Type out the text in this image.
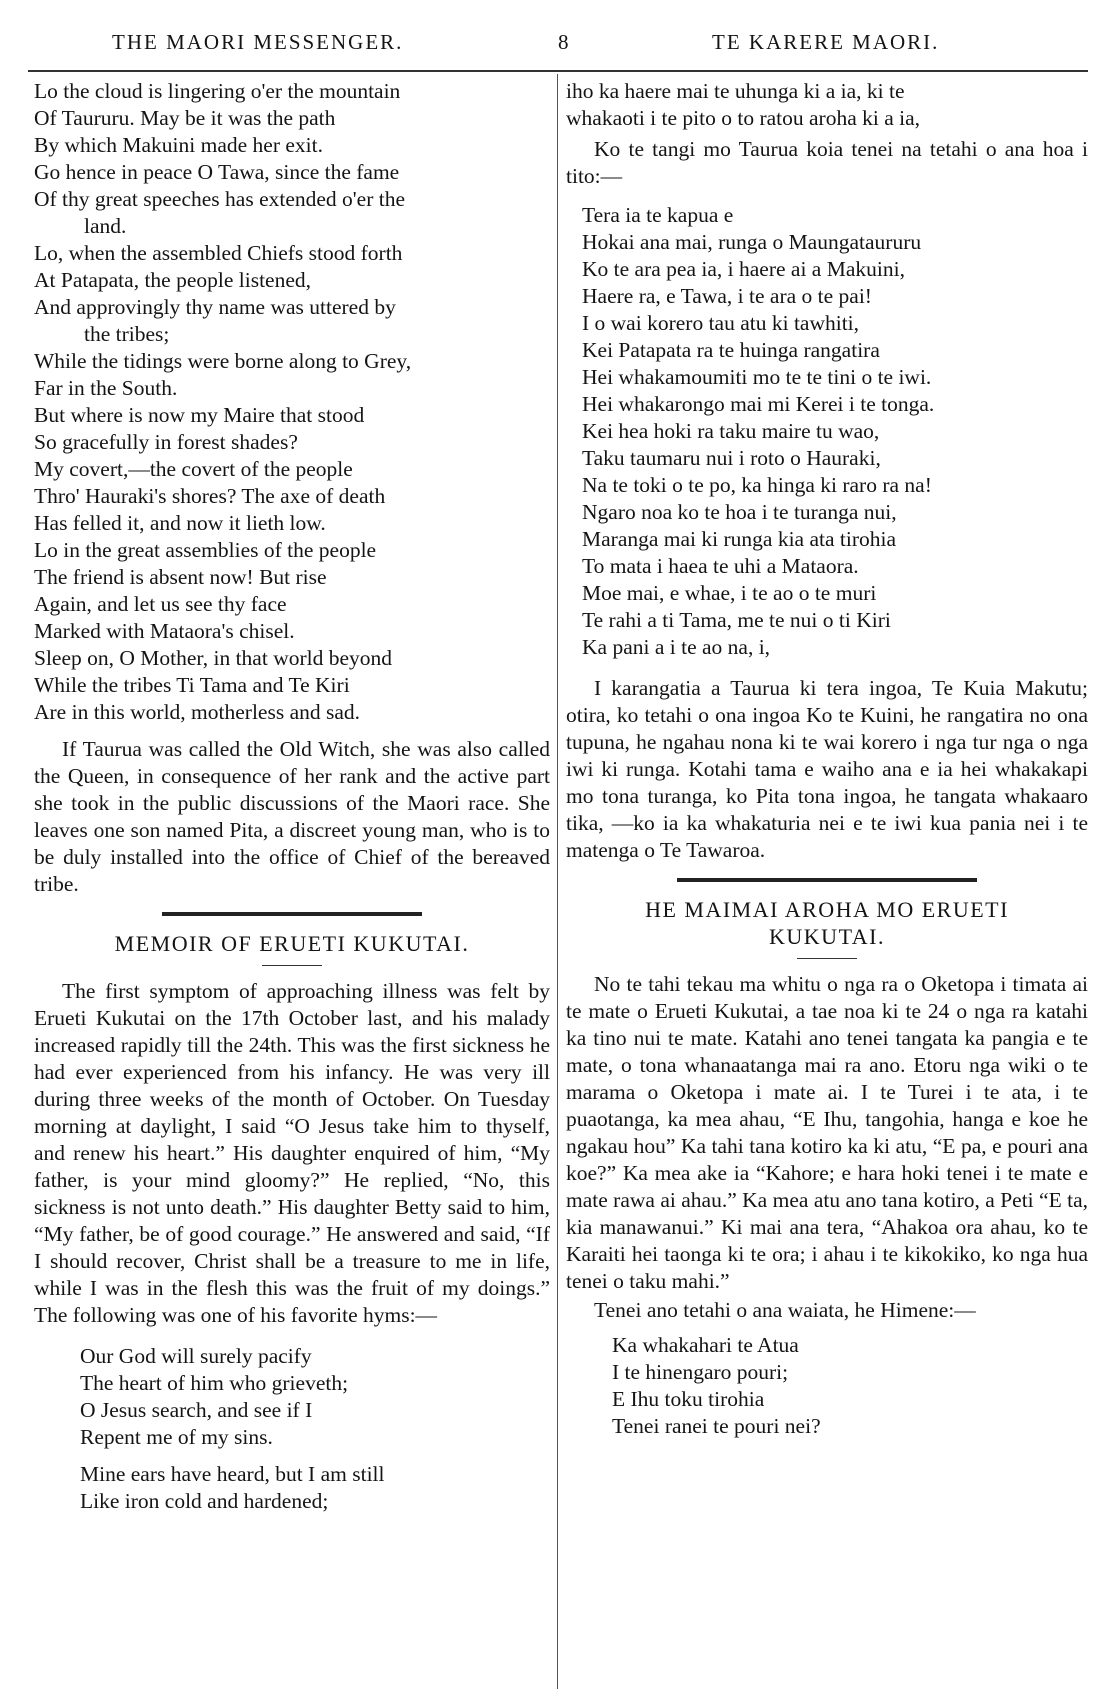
THE MAORI MESSENGER.	8	TE KARERE MAORI.
Lo the cloud is lingering o'er the mountain
Of Taururu. May be it was the path
By which Makuini made her exit.
Go hence in peace O Tawa, since the fame
Of thy great speeches has extended o'er the
land.
Lo, when the assembled Chiefs stood forth
At Patapata, the people listened,
And approvingly thy name was uttered by
the tribes;
While the tidings were borne along to Grey,
Far in the South.
But where is now my Maire that stood
So gracefully in forest shades?
My covert,—the covert of the people
Thro' Hauraki's shores? The axe of death
Has felled it, and now it lieth low.
Lo in the great assemblies of the people
The friend is absent now! But rise
Again, and let us see thy face
Marked with Mataora's chisel.
Sleep on, O Mother, in that world beyond
While the tribes Ti Tama and Te Kiri
Are in this world, motherless and sad.

If Taurua was called the Old Witch, she was also called the Queen, in consequence of her rank and the active part she took in the public discussions of the Maori race. She leaves one son named Pita, a discreet young man, who is to be duly installed into the office of Chief of the bereaved tribe.

MEMOIR OF ERUETI KUKUTAI.

The first symptom of approaching illness was felt by Erueti Kukutai on the 17th October last, and his malady increased rapidly till the 24th. This was the first sickness he had ever experienced from his infancy. He was very ill during three weeks of the month of October. On Tuesday morning at daylight, I said “O Jesus take him to thyself, and renew his heart.” His daughter enquired of him, “My father, is your mind gloomy?” He replied, “No, this sickness is not unto death.” His daughter Betty said to him, “My father, be of good courage.” He answered and said, “If I should recover, Christ shall be a treasure to me in life, while I was in the flesh this was the fruit of my doings.” The following was one of his favorite hyms:—

Our God will surely pacify
The heart of him who grieveth;
O Jesus search, and see if I
Repent me of my sins.
Mine ears have heard, but I am still
Like iron cold and hardened;
iho ka haere mai te uhunga ki a ia, ki te
whakaoti i te pito o to ratou aroha ki a ia,

Ko te tangi mo Taurua koia tenei na tetahi o ana hoa i tito:—

Tera ia te kapua e
Hokai ana mai, runga o Maungataururu
Ko te ara pea ia, i haere ai a Makuini,
Haere ra, e Tawa, i te ara o te pai!
I o wai korero tau atu ki tawhiti,
Kei Patapata ra te huinga rangatira
Hei whakamoumiti mo te te tini o te iwi.
Hei whakarongo mai mi Kerei i te tonga.
Kei hea hoki ra taku maire tu wao,
Taku taumaru nui i roto o Hauraki,
Na te toki o te po, ka hinga ki raro ra na!
Ngaro noa ko te hoa i te turanga nui,
Maranga mai ki runga kia ata tirohia
To mata i haea te uhi a Mataora.
Moe mai, e whae, i te ao o te muri
Te rahi a ti Tama, me te nui o ti Kiri
Ka pani a i te ao na, i,

I karangatia a Taurua ki tera ingoa, Te Kuia Makutu; otira, ko tetahi o ona ingoa Ko te Kuini, he rangatira no ona tupuna, he ngahau nona ki te wai korero i nga tur nga o nga iwi ki runga. Kotahi tama e waiho ana e ia hei whakakapi mo tona turanga, ko Pita tona ingoa, he tangata whakaaro tika, —ko ia ka whakaturia nei e te iwi kua pania nei i te matenga o Te Tawaroa.

HE MAIMAI AROHA MO ERUETI KUKUTAI.

No te tahi tekau ma whitu o nga ra o Oketopa i timata ai te mate o Erueti Kukutai, a tae noa ki te 24 o nga ra katahi ka tino nui te mate. Katahi ano tenei tangata ka pangia e te mate, o tona whanaatanga mai ra ano. Etoru nga wiki o te marama o Oketopa i mate ai. I te Turei i te ata, i te puaotanga, ka mea ahau, “E Ihu, tangohia, hanga e koe he ngakau hou” Ka tahi tana kotiro ka ki atu, “E pa, e pouri ana koe?” Ka mea ake ia “Kahore; e hara hoki tenei i te mate e mate rawa ai ahau.” Ka mea atu ano tana kotiro, a Peti “E ta, kia manawanui.” Ki mai ana tera, “Ahakoa ora ahau, ko te Karaiti hei taonga ki te ora; i ahau i te kikokiko, ko nga hua tenei o taku mahi.”

Tenei ano tetahi o ana waiata, he Himene:—

Ka whakahari te Atua
I te hinengaro pouri;
E Ihu toku tirohia
Tenei ranei te pouri nei?
